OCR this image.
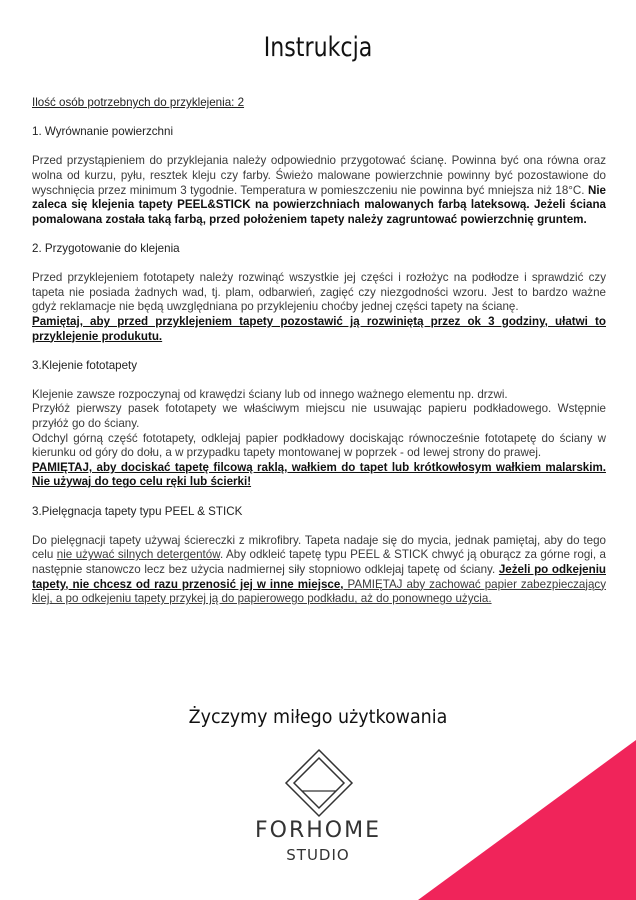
Instrukcja

Ilość osób potrzebnych do przyklejenia: 2

1. Wyrównanie powierzchni

Przed przystąpieniem do przyklejania należy odpowiednio przygotować ścianę. Powinna być ona równa oraz wolna od kurzu, pyłu, resztek kleju czy farby. Świeżo malowane powierzchnie powinny być pozostawione do wyschnięcia przez minimum 3 tygodnie. Temperatura w pomieszczeniu nie powinna być mniejsza niż 18°C. Nie zaleca się klejenia tapety PEEL&STICK na powierzchniach malowanych farbą lateksową. Jeżeli ściana pomalowana została taką farbą, przed położeniem tapety należy zagruntować powierzchnię gruntem.

2. Przygotowanie do klejenia

Przed przyklejeniem fototapety należy rozwinąć wszystkie jej części i rozłożyc na podłodze i sprawdzić czy tapeta nie posiada żadnych wad, tj. plam, odbarwień, zagięć czy niezgodności wzoru. Jest to bardzo ważne gdyż reklamacje nie będą uwzględniana po przyklejeniu choćby jednej części tapety na ścianę.

Pamiętaj, aby przed przyklejeniem tapety pozostawić ją rozwiniętą przez ok 3 godziny, ułatwi to przyklejenie produkutu.

3.Klejenie fototapety

Klejenie zawsze rozpoczynaj od krawędzi ściany lub od innego ważnego elementu np. drzwi.

Przyłóż pierwszy pasek fototapety we właściwym miejscu nie usuwając papieru podkładowego. Wstępnie przyłóż go do ściany.

Odchyl górną część fototapety, odklejaj papier podkładowy dociskając równocześnie fototapetę do ściany w kierunku od góry do dołu, a w przypadku tapety montowanej w poprzek - od lewej strony do prawej.

PAMIĘTAJ, aby dociskać tapetę filcową raklą, wałkiem do tapet lub krótkowłosym wałkiem malarskim. Nie używaj do tego celu ręki lub ścierki!

3.Pielęgnacja tapety typu PEEL & STICK

Do pielęgnacji tapety używaj ściereczki z mikrofibry. Tapeta nadaje się do mycia, jednak pamiętaj, aby do tego celu nie używać silnych detergentów. Aby odkleić tapetę typu PEEL & STICK chwyć ją oburącz za górne rogi, a następnie stanowczo lecz bez użycia nadmiernej siły stopniowo odklejaj tapetę od ściany. Jeżeli po odkejeniu tapety, nie chcesz od razu przenosić jej w inne miejsce, PAMIĘTAJ aby zachować papier zabezpieczający klej, a po odkejeniu tapety przykej ją do papierowego podkładu, aż do ponownego użycia.

Życzymy miłego użytkowania
FORHOME
STUDIO
